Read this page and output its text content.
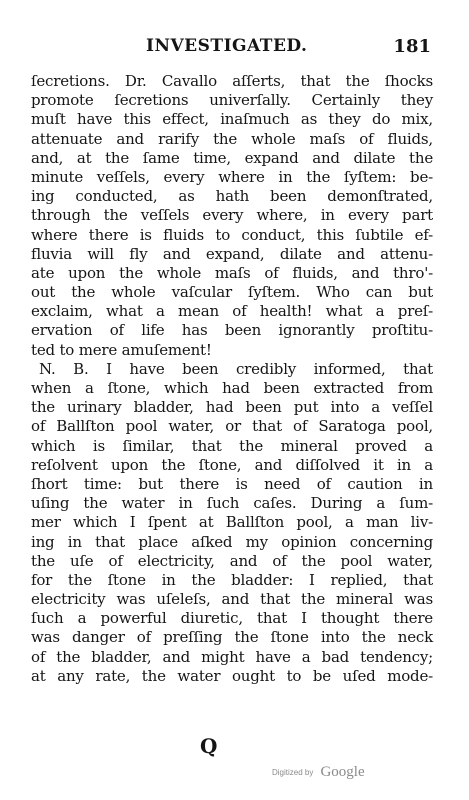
INVESTIGATED.	181
ſecretions. Dr. Cavallo aſſerts, that the ſhocks
promote ſecretions univerſally. Certainly they
muſt have this effect, inaſmuch as they do mix,
attenuate and rarify the whole maſs of fluids,
and, at the ſame time, expand and dilate the
minute veſſels, every where in the ſyſtem: be-
ing conducted, as hath been demonſtrated,
through the veſſels every where, in every part
where there is fluids to conduct, this ſubtile ef-
fluvia will fly and expand, dilate and attenu-
ate upon the whole maſs of fluids, and thro'-
out the whole vaſcular ſyſtem. Who can but
exclaim, what a mean of health! what a preſ-
ervation of life has been ignorantly proſtitu-
ted to mere amuſement!
N. B. I have been credibly informed, that
when a ſtone, which had been extracted from
the urinary bladder, had been put into a veſſel
of Ballſton pool water, or that of Saratoga pool,
which is ſimilar, that the mineral proved a
reſolvent upon the ſtone, and diſſolved it in a
ſhort time: but there is need of caution in
uſing the water in ſuch caſes. During a ſum-
mer which I ſpent at Ballſton pool, a man liv-
ing in that place aſked my opinion concerning
the uſe of electricity, and of the pool water,
for the ſtone in the bladder: I replied, that
electricity was uſeleſs, and that the mineral was
ſuch a powerful diuretic, that I thought there
was danger of preſſing the ſtone into the neck
of the bladder, and might have a bad tendency;
at any rate, the water ought to be uſed mode-
Q
Digitized by Google
